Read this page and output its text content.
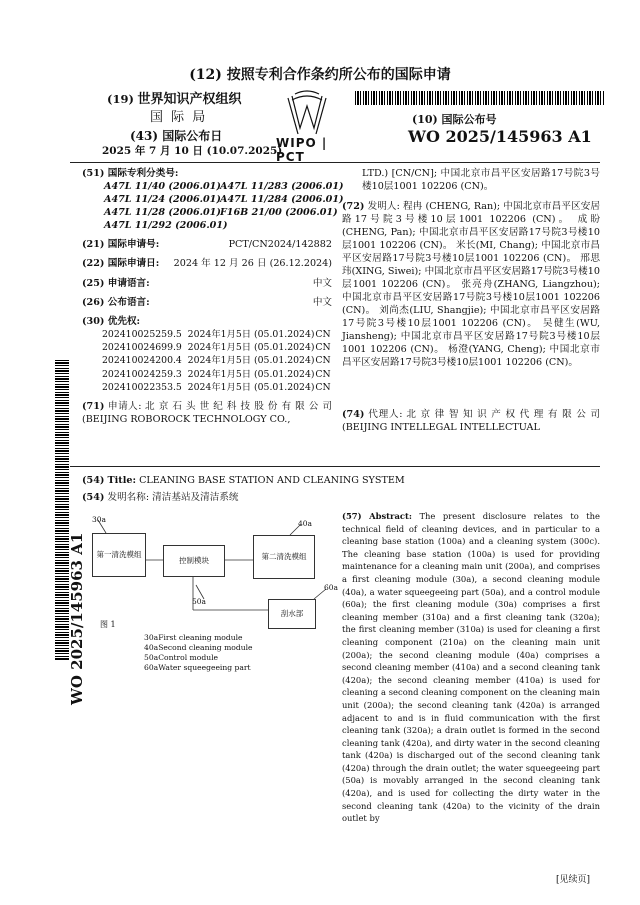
(12) 按照专利合作条约所公布的国际申请
(19) 世界知识产权组织
国 际 局
(43) 国际公布日
2025 年 7 月 10 日 (10.07.2025)
WIPO | PCT
(10) 国际公布号
WO 2025/145963 A1
(51) 国际专利分类号:
A47L 11/40 (2006.01)
A47L 11/24 (2006.01)
A47L 11/28 (2006.01)
A47L 11/292 (2006.01)
A47L 11/283 (2006.01)
A47L 11/284 (2006.01)
F16B 21/00 (2006.01)
(21) 国际申请号:	PCT/CN2024/142882
(22) 国际申请日: 2024 年 12 月 26 日 (26.12.2024)
(25) 申请语言:	中文
(26) 公布语言:	中文
(30) 优先权:
202410025259.5	2024年1月5日 (05.01.2024)	CN
202410024699.9	2024年1月5日 (05.01.2024)	CN
202410024200.4	2024年1月5日 (05.01.2024)	CN
202410024259.3	2024年1月5日 (05.01.2024)	CN
202410022353.5	2024年1月5日 (05.01.2024)	CN
(71) 申请人: 北 京 石 头 世 纪 科 技 股 份 有 限 公 司 (BEIJING ROBOROCK TECHNOLOGY CO.,
LTD.) [CN/CN]; 中国北京市昌平区安居路17号院3号楼10层1001 102206 (CN)。
(72) 发明人: 程冉 (CHENG, Ran); 中国北京市昌平区安居路17号院3号楼10层1001 102206 (CN)。 成盼 (CHENG, Pan); 中国北京市昌平区安居路17号院3号楼10层1001 102206 (CN)。 米长(MI, Chang); 中国北京市昌平区安居路17号院3号楼10层1001 102206 (CN)。 邢思玮(XING, Siwei); 中国北京市昌平区安居路17号院3号楼10层1001 102206 (CN)。 张亮舟(ZHANG, Liangzhou); 中国北京市昌平区安居路17号院3号楼10层1001 102206 (CN)。 刘尚杰(LIU, Shangjie); 中国北京市昌平区安居路17号院3号楼10层1001 102206 (CN)。 吴健生(WU, Jiansheng); 中国北京市昌平区安居路17号院3号楼10层1001 102206 (CN)。 杨澄(YANG, Cheng); 中国北京市昌平区安居路17号院3号楼10层1001 102206 (CN)。
(74) 代理人: 北 京 律 智 知 识 产 权 代 理 有 限 公 司 (BEIJING INTELLEGAL INTELLECTUAL
WO 2025/145963 A1
(54) Title: CLEANING BASE STATION AND CLEANING SYSTEM
(54) 发明名称: 清洁基站及清洁系统
30a	40a
60a
50a
第一清洗模组
控制模块	第二清洗模组
刮水部
图 1
30aFirst cleaning module
40aSecond cleaning module
50aControl module
60aWater squeegeeing part
(57) Abstract: The present disclosure relates to the technical field of cleaning devices, and in particular to a cleaning base station (100a) and a cleaning system (300c). The cleaning base station (100a) is used for providing maintenance for a cleaning main unit (200a), and comprises a first cleaning module (30a), a second cleaning module (40a), a water squeegeeing part (50a), and a control module (60a); the first cleaning module (30a) comprises a first cleaning member (310a) and a first cleaning tank (320a); the first cleaning member (310a) is used for cleaning a first cleaning component (210a) on the cleaning main unit (200a); the second cleaning module (40a) comprises a second cleaning member (410a) and a second cleaning tank (420a); the second cleaning member (410a) is used for cleaning a second cleaning component on the cleaning main unit (200a); the second cleaning tank (420a) is arranged adjacent to and is in fluid communication with the first cleaning tank (320a); a drain outlet is formed in the second cleaning tank (420a), and dirty water in the second cleaning tank (420a) is discharged out of the second cleaning tank (420a) through the drain outlet; the water squeegeeing part (50a) is movably arranged in the second cleaning tank (420a), and is used for collecting the dirty water in the second cleaning tank (420a) to the vicinity of the drain outlet by
[见续页]
